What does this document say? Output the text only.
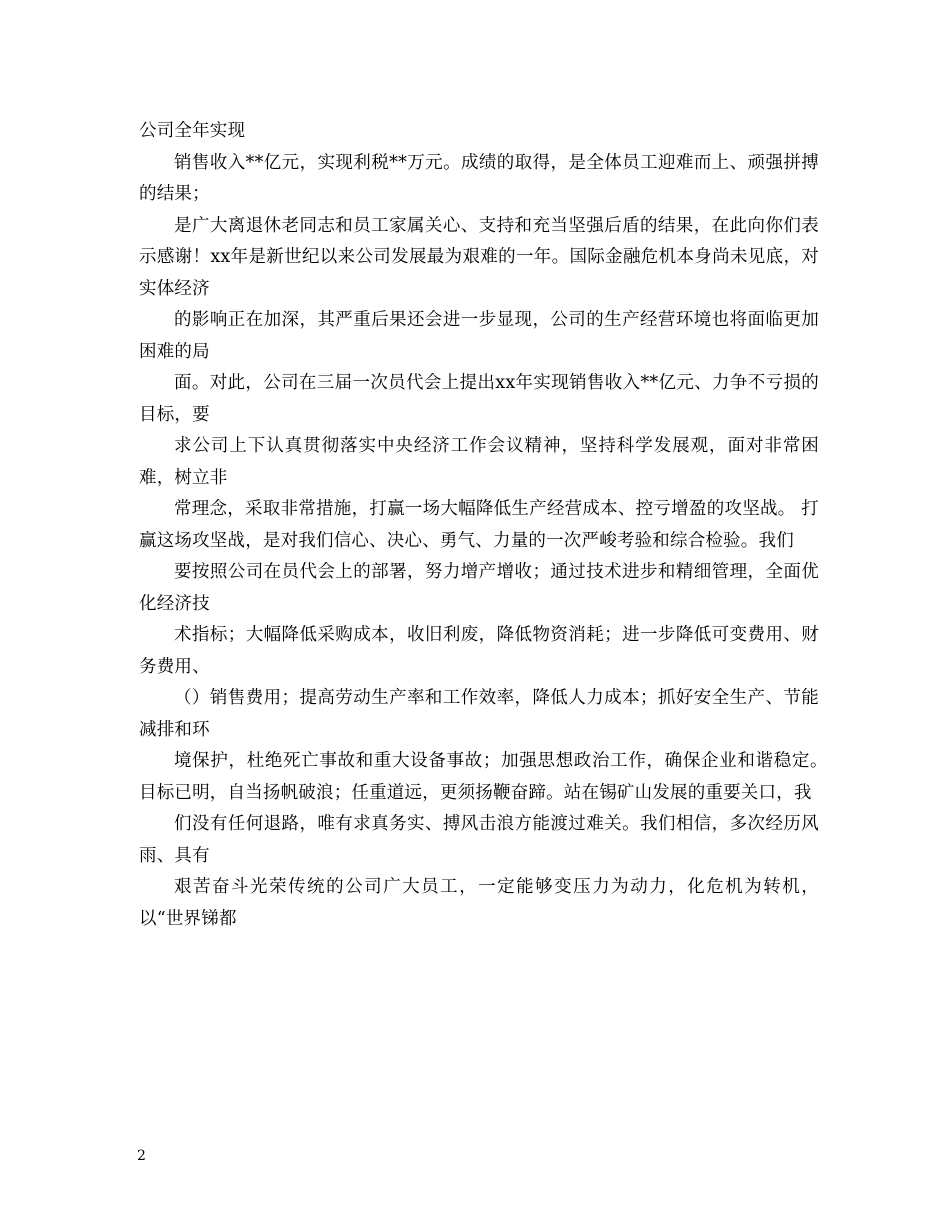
公司全年实现

销售收入**亿元，实现利税**万元。成绩的取得，是全体员工迎难而上、顽强拼搏的结果；

是广大离退休老同志和员工家属关心、支持和充当坚强后盾的结果，在此向你们表示感谢！xx年是新世纪以来公司发展最为艰难的一年。国际金融危机本身尚未见底，对实体经济

的影响正在加深，其严重后果还会进一步显现，公司的生产经营环境也将面临更加困难的局

面。对此，公司在三届一次员代会上提出xx年实现销售收入**亿元、力争不亏损的目标，要

求公司上下认真贯彻落实中央经济工作会议精神，坚持科学发展观，面对非常困难，树立非

常理念，采取非常措施，打赢一场大幅降低生产经营成本、控亏增盈的攻坚战。 打赢这场攻坚战，是对我们信心、决心、勇气、力量的一次严峻考验和综合检验。我们

要按照公司在员代会上的部署，努力增产增收；通过技术进步和精细管理，全面优化经济技

术指标；大幅降低采购成本，收旧利废，降低物资消耗；进一步降低可变费用、财务费用、

（）销售费用；提高劳动生产率和工作效率，降低人力成本；抓好安全生产、节能减排和环

境保护，杜绝死亡事故和重大设备事故；加强思想政治工作，确保企业和谐稳定。　目标已明，自当扬帆破浪；任重道远，更须扬鞭奋蹄。站在锡矿山发展的重要关口，我

们没有任何退路，唯有求真务实、搏风击浪方能渡过难关。我们相信，多次经历风雨、具有

艰苦奋斗光荣传统的公司广大员工，一定能够变压力为动力，化危机为转机，以“世界锑都

2
